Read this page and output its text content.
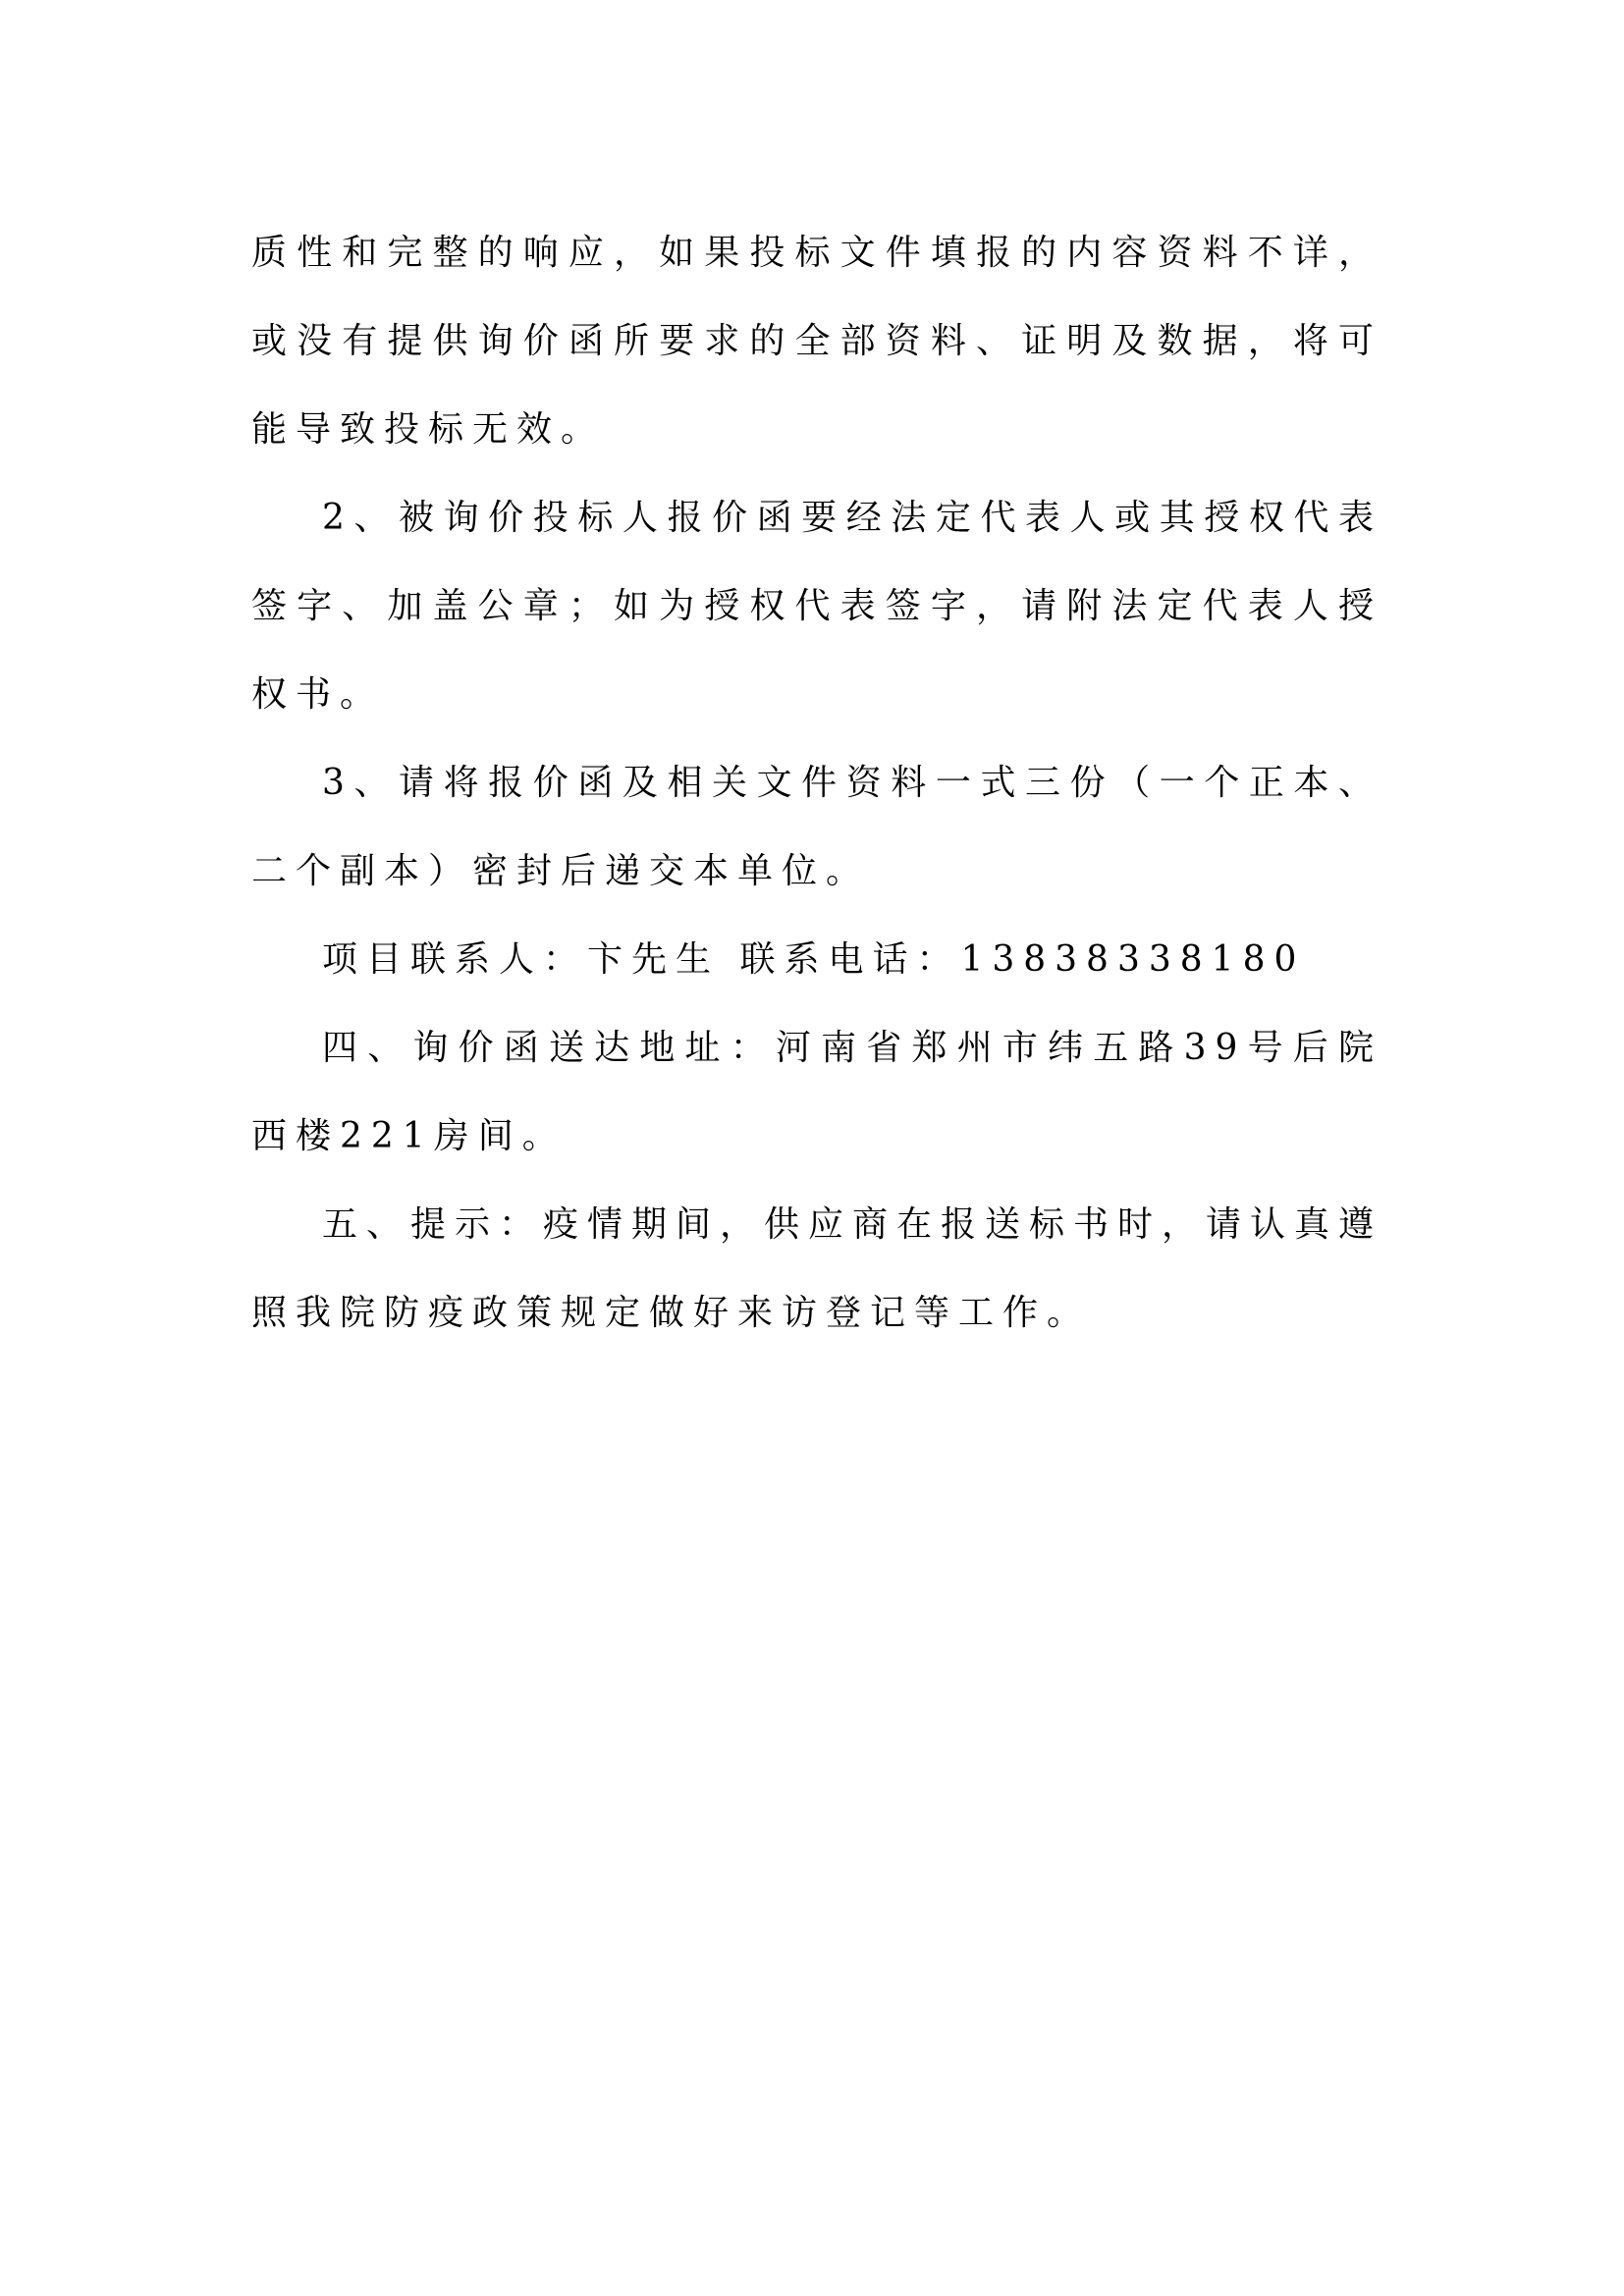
质性和完整的响应，如果投标文件填报的内容资料不详，或没有提供询价函所要求的全部资料、证明及数据，将可能导致投标无效。

2、被询价投标人报价函要经法定代表人或其授权代表签字、加盖公章；如为授权代表签字，请附法定代表人授权书。

3、请将报价函及相关文件资料一式三份（一个正本、二个副本）密封后递交本单位。

项目联系人：卞先生 联系电话：13838338180

四、询价函送达地址：河南省郑州市纬五路39号后院西楼221房间。

五、提示：疫情期间，供应商在报送标书时，请认真遵照我院防疫政策规定做好来访登记等工作。
